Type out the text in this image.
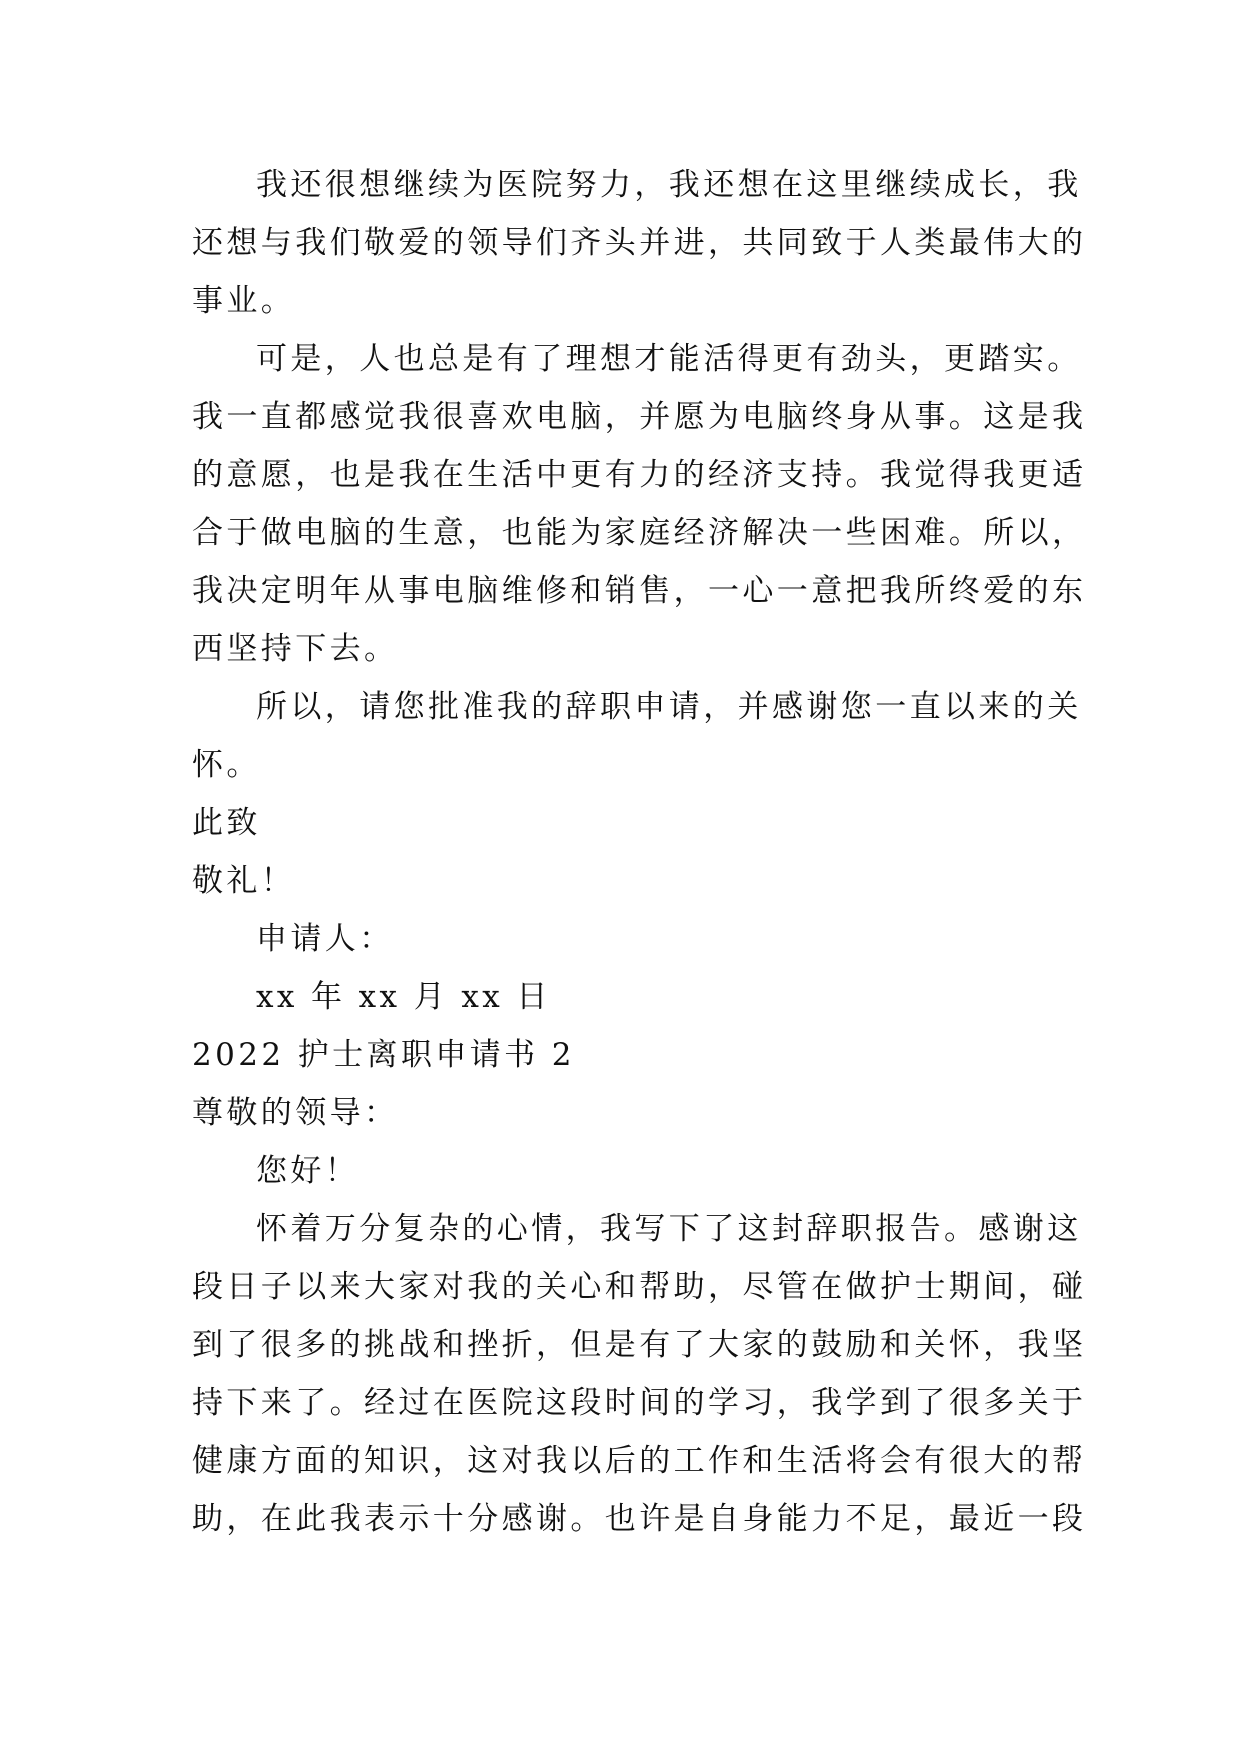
我还很想继续为医院努力，我还想在这里继续成长，我
还想与我们敬爱的领导们齐头并进，共同致于人类最伟大的
事业。
可是，人也总是有了理想才能活得更有劲头，更踏实。
我一直都感觉我很喜欢电脑，并愿为电脑终身从事。这是我
的意愿，也是我在生活中更有力的经济支持。我觉得我更适
合于做电脑的生意，也能为家庭经济解决一些困难。所以，
我决定明年从事电脑维修和销售，一心一意把我所终爱的东
西坚持下去。
所以，请您批准我的辞职申请，并感谢您一直以来的关
怀。
此致
敬礼！
申请人：
xx 年 xx 月 xx 日
2022 护士离职申请书 2
尊敬的领导：
您好！
怀着万分复杂的心情，我写下了这封辞职报告。感谢这
段日子以来大家对我的关心和帮助，尽管在做护士期间，碰
到了很多的挑战和挫折，但是有了大家的鼓励和关怀，我坚
持下来了。经过在医院这段时间的学习，我学到了很多关于
健康方面的知识，这对我以后的工作和生活将会有很大的帮
助，在此我表示十分感谢。也许是自身能力不足，最近一段
